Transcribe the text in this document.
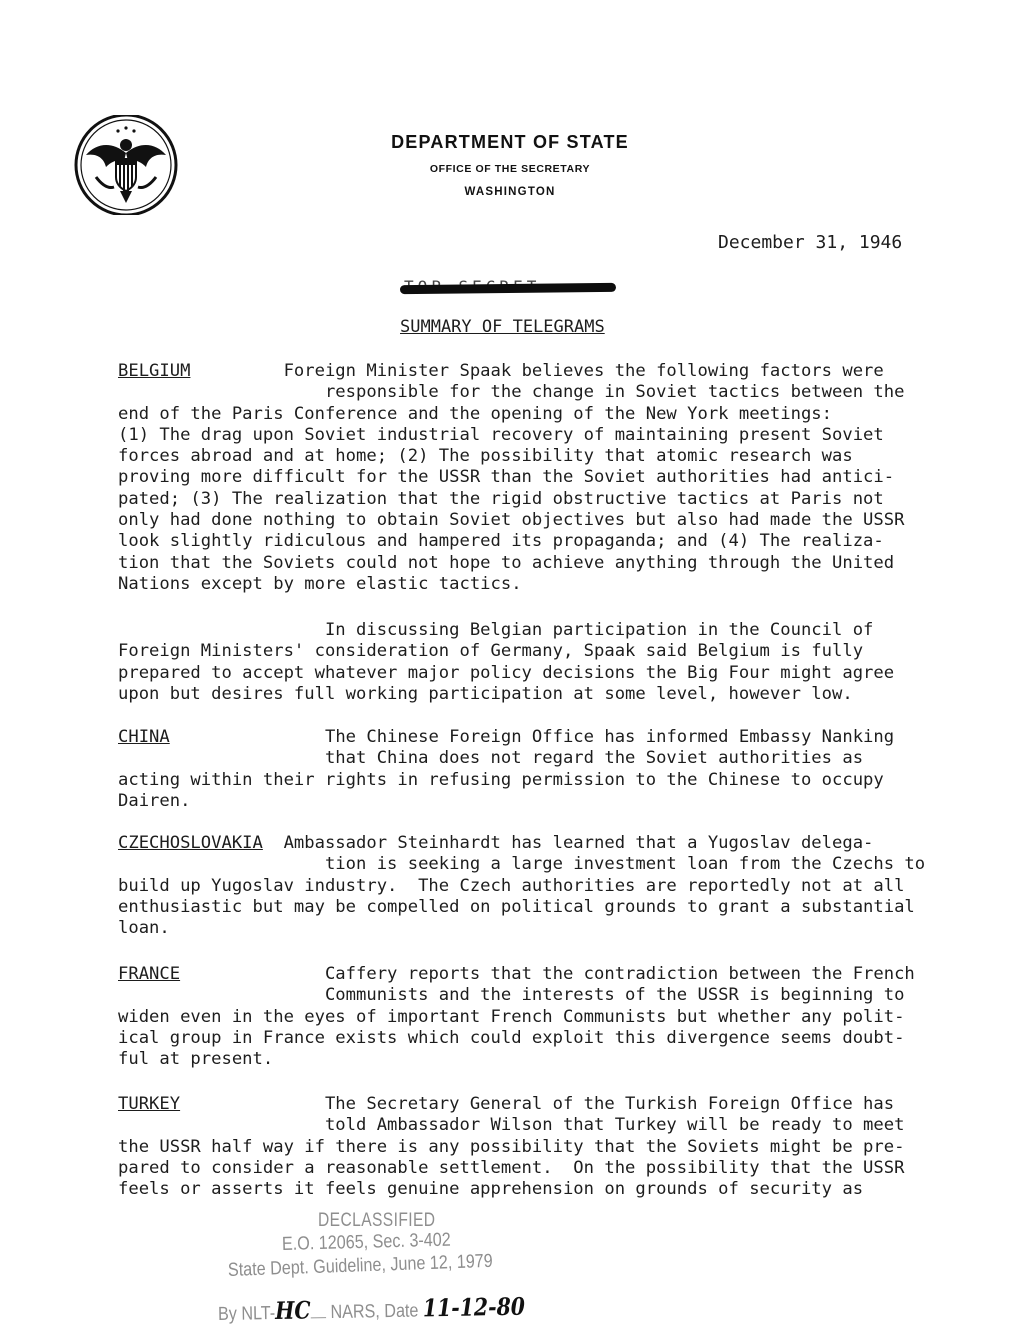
DEPARTMENT OF STATE
OFFICE OF THE SECRETARY
WASHINGTON
December 31, 1946
SUMMARY OF TELEGRAMS
BELGIUM         Foreign Minister Spaak believes the following factors were
responsible for the change in Soviet tactics between the
end of the Paris Conference and the opening of the New York meetings:
(1) The drag upon Soviet industrial recovery of maintaining present Soviet
forces abroad and at home; (2) The possibility that atomic research was
proving more difficult for the USSR than the Soviet authorities had antici-
pated; (3) The realization that the rigid obstructive tactics at Paris not
only had done nothing to obtain Soviet objectives but also had made the USSR
look slightly ridiculous and hampered its propaganda; and (4) The realiza-
tion that the Soviets could not hope to achieve anything through the United
Nations except by more elastic tactics.
In discussing Belgian participation in the Council of
Foreign Ministers' consideration of Germany, Spaak said Belgium is fully
prepared to accept whatever major policy decisions the Big Four might agree
upon but desires full working participation at some level, however low.
CHINA               The Chinese Foreign Office has informed Embassy Nanking
that China does not regard the Soviet authorities as
acting within their rights in refusing permission to the Chinese to occupy
Dairen.
CZECHOSLOVAKIA  Ambassador Steinhardt has learned that a Yugoslav delega-
tion is seeking a large investment loan from the Czechs to
build up Yugoslav industry.  The Czech authorities are reportedly not at all
enthusiastic but may be compelled on political grounds to grant a substantial
loan.
FRANCE              Caffery reports that the contradiction between the French
Communists and the interests of the USSR is beginning to
widen even in the eyes of important French Communists but whether any polit-
ical group in France exists which could exploit this divergence seems doubt-
ful at present.
TURKEY              The Secretary General of the Turkish Foreign Office has
told Ambassador Wilson that Turkey will be ready to meet
the USSR half way if there is any possibility that the Soviets might be pre-
pared to consider a reasonable settlement.  On the possibility that the USSR
feels or asserts it feels genuine apprehension on grounds of security as
DECLASSIFIED
E.O. 12065, Sec. 3-402
State Dept. Guideline, June 12, 1979
By NLT-HC NARS, Date 11-12-80
